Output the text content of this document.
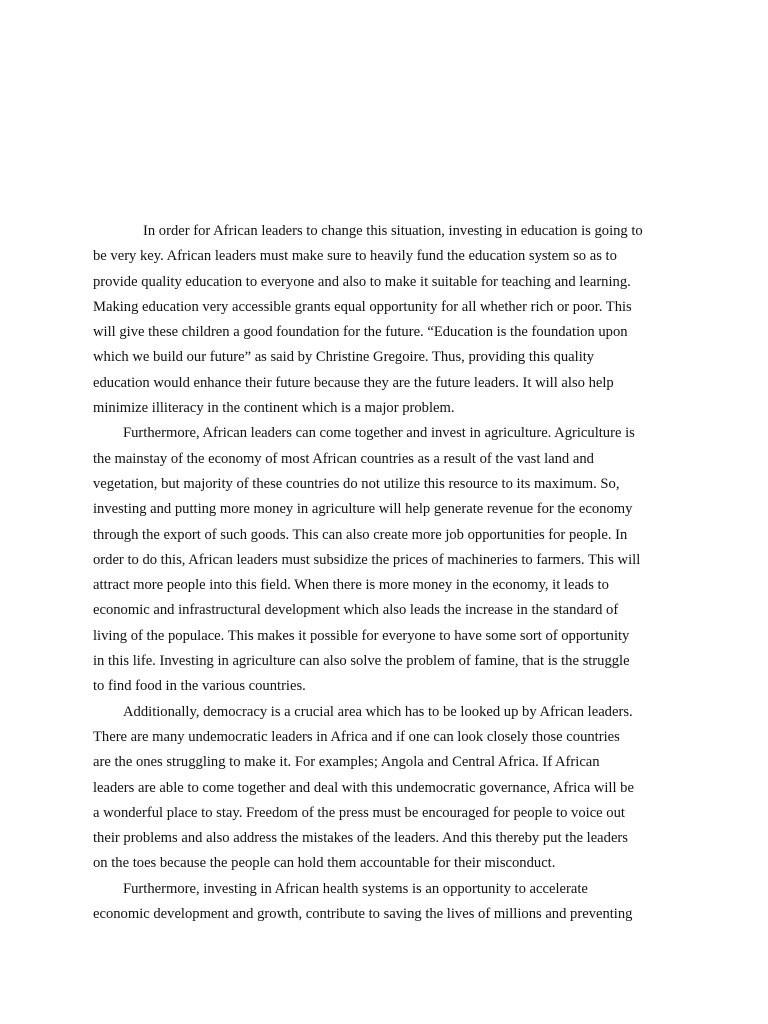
In order for African leaders to change this situation, investing in education is going to
be very key. African leaders must make sure to heavily fund the education system so as to
provide quality education to everyone and also to make it suitable for teaching and learning.
Making education very accessible grants equal opportunity for all whether rich or poor. This
will give these children a good foundation for the future. “Education is the foundation upon
which we build our future” as said by Christine Gregoire. Thus, providing this quality
education would enhance their future because they are the future leaders. It will also help
minimize illiteracy in the continent which is a major problem.

Furthermore, African leaders can come together and invest in agriculture. Agriculture is
the mainstay of the economy of most African countries as a result of the vast land and
vegetation, but majority of these countries do not utilize this resource to its maximum. So,
investing and putting more money in agriculture will help generate revenue for the economy
through the export of such goods. This can also create more job opportunities for people. In
order to do this, African leaders must subsidize the prices of machineries to farmers. This will
attract more people into this field. When there is more money in the economy, it leads to
economic and infrastructural development which also leads the increase in the standard of
living of the populace. This makes it possible for everyone to have some sort of opportunity
in this life. Investing in agriculture can also solve the problem of famine, that is the struggle
to find food in the various countries.

Additionally, democracy is a crucial area which has to be looked up by African leaders.
There are many undemocratic leaders in Africa and if one can look closely those countries
are the ones struggling to make it. For examples; Angola and Central Africa. If African
leaders are able to come together and deal with this undemocratic governance, Africa will be
a wonderful place to stay. Freedom of the press must be encouraged for people to voice out
their problems and also address the mistakes of the leaders. And this thereby put the leaders
on the toes because the people can hold them accountable for their misconduct.

Furthermore, investing in African health systems is an opportunity to accelerate
economic development and growth, contribute to saving the lives of millions and preventing
